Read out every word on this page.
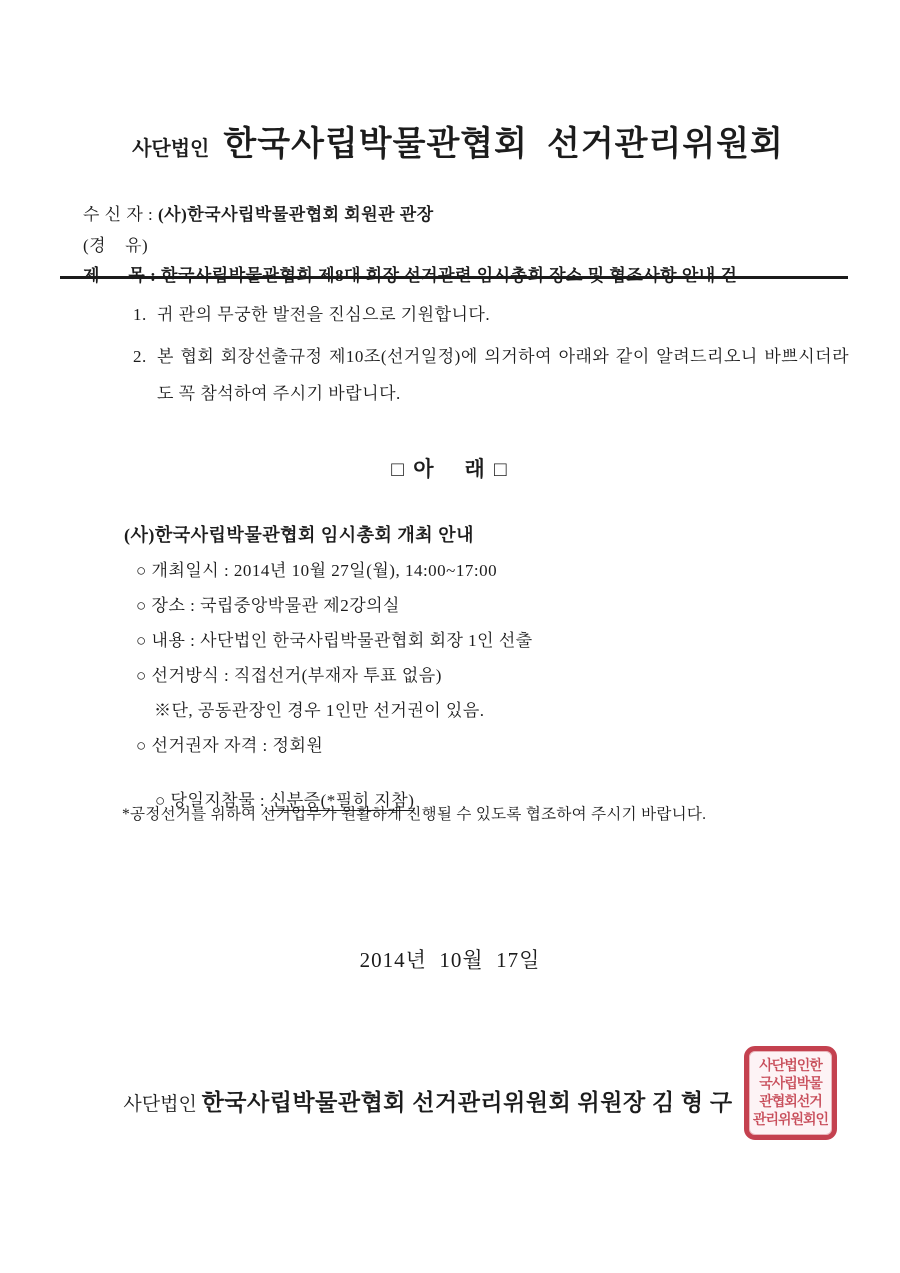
사단법인 한국사립박물관협회  선거관리위원회

수 신 자 : (사)한국사립박물관협회 회원관 관장

(경    유)

1. 귀 관의 무궁한 발전을 진심으로 기원합니다.
2. 본 협회 회장선출규정 제10조(선거일정)에 의거하여 아래와 같이 알려드리오니 바쁘시더라도 꼭 참석하여 주시기 바랍니다.
□ 아    래 □
(사)한국사립박물관협회 임시총회 개최 안내
○ 개최일시 : 2014년 10월 27일(월), 14:00~17:00
○ 장소 : 국립중앙박물관 제2강의실
○ 내용 : 사단법인 한국사립박물관협회 회장 1인 선출
○ 선거방식 : 직접선거(부재자 투표 없음)
※단, 공동관장인 경우 1인만 선거권이 있음.
○ 선거권자 자격 : 정회원

○ 당일지참물 : 신분증(*필히 지참)

*공정선거를 위하여 선거업무가 원활하게 진행될 수 있도록 협조하여 주시기 바랍니다.
2014년  10월  17일
사단법인한
국사립박물
관협회선거
관리위원회인

사단법인 한국사립박물관협회 선거관리위원회 위원장 김 형 구
